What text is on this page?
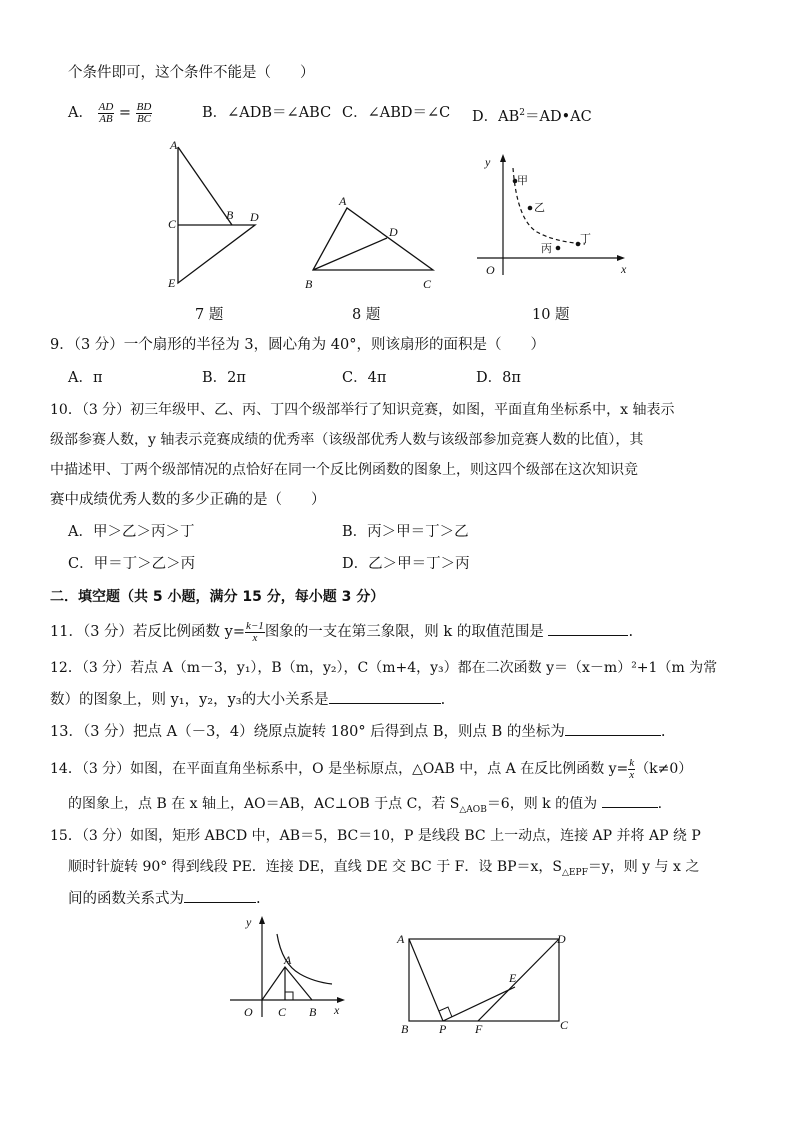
个条件即可，这个条件不能是（　　）
A． $\frac{AD}{AB} = \frac{BD}{BC}$	B．∠ADB＝∠ABC C．∠ABD＝∠C D．$AB^2=AD•AC$
A
C
B D
E
A
D
B	C
y
x
O
甲
乙
丙
丁
7 题	8 题	10 题
9．（3 分）一个扇形的半径为 3，圆心角为 40°，则该扇形的面积是（　　）
A．π	B．2π	C．4π	D．8π
10．（3 分）初三年级甲、乙、丙、丁四个级部举行了知识竞赛，如图，平面直角坐标系中，x 轴表示
级部参赛人数，y 轴表示竞赛成绩的优秀率（该级部优秀人数与该级部参加竞赛人数的比值），其
中描述甲、丁两个级部情况的点恰好在同一个反比例函数的图象上，则这四个级部在这次知识竞
赛中成绩优秀人数的多少正确的是（　　）
A．甲＞乙＞丙＞丁	B．丙＞甲＝丁＞乙
C．甲＝丁＞乙＞丙	D．乙＞甲＝丁＞丙
二．填空题（共 5 小题，满分 15 分，每小题 3 分）
11．（3 分）若反比例函数 $y= \frac{k-1}{x}$ 图象的一支在第三象限，则 k 的取值范围是	.
12．（3 分）若点 A（m－3，y₁），B（m，y₂），C（m+4，y₃）都在二次函数 y＝（x－m）²+1（m 为常
数）的图象上，则 y₁，y₂，y₃的大小关系是	.
13．（3 分）把点 A（－3，4）绕原点旋转 180° 后得到点 B，则点 B 的坐标为	.
14．（3 分）如图，在平面直角坐标系中，O 是坐标原点，△OAB 中，点 A 在反比例函数 $y= \frac{k}{x} (k\ne 0)$
的图象上，点 B 在 x 轴上，AO＝AB，AC⊥OB 于点 C，若 $S_{\triangle AOB}=6$，则 k 的值为	.
15．（3 分）如图，矩形 ABCD 中，AB＝5，BC＝10，P 是线段 BC 上一动点，连接 AP 并将 AP 绕 P
顺时针旋转 90° 得到线段 PE．连接 DE，直线 DE 交 BC 于 F．设 BP＝x，$S_{\triangle EPF}=y$，则 y 与 x 之
间的函数关系式为	.
y
x
O
A
C B
A	D
E
B	P F	C
